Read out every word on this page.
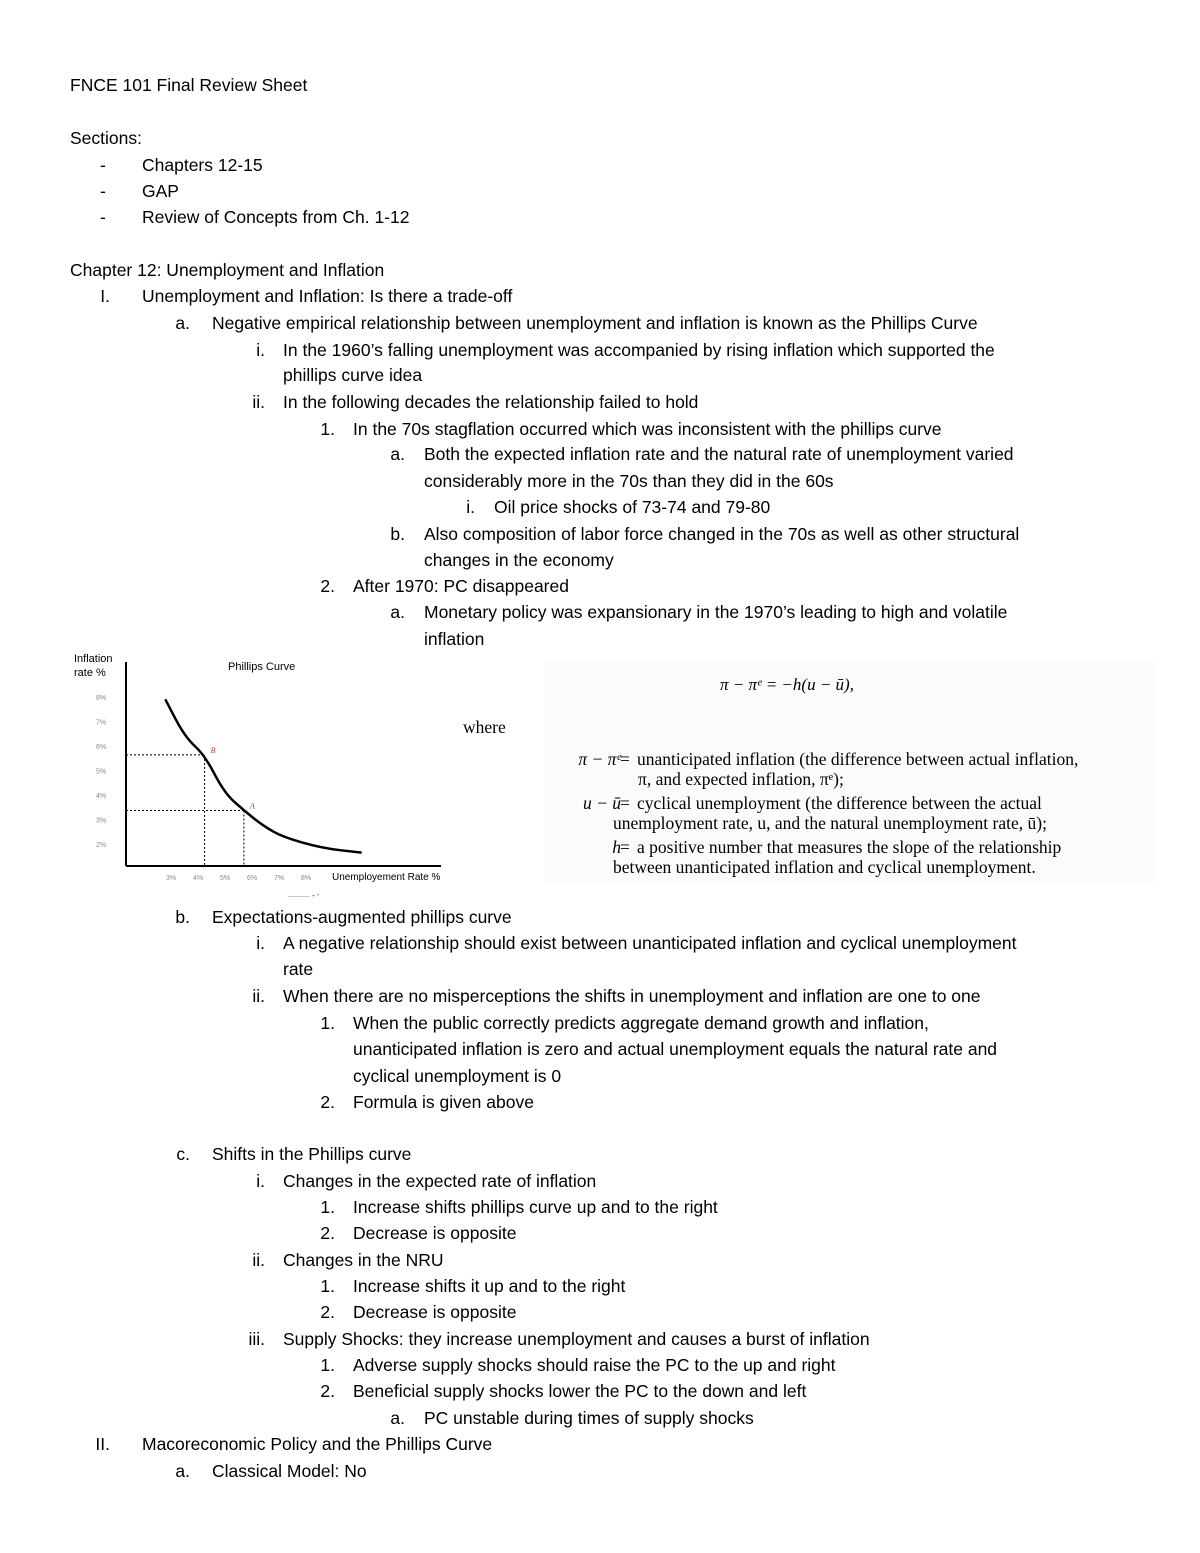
FNCE 101 Final Review Sheet
Sections:
-	Chapters 12-15
-	GAP
-	Review of Concepts from Ch. 1-12
Chapter 12: Unemployment and Inflation
I. Unemployment and Inflation: Is there a trade-off
a. Negative empirical relationship between unemployment and inflation is known as the Phillips Curve
i. In the 1960’s falling unemployment was accompanied by rising inflation which supported the
phillips curve idea
ii. In the following decades the relationship failed to hold
1. In the 70s stagflation occurred which was inconsistent with the phillips curve
a. Both the expected inflation rate and the natural rate of unemployment varied
considerably more in the 70s than they did in the 60s
i. Oil price shocks of 73-74 and 79-80
b. Also composition of labor force changed in the 70s as well as other structural
changes in the economy
2. After 1970: PC disappeared
a. Monetary policy was expansionary in the 1970’s leading to high and volatile
inflation
Inflation
rate %	Phillips Curve
8%
7%
6%
5%
4%
3%
2%
3% 4% 5% 6% 7% 8%
B
A
Unemployement Rate %
----------- + *
π − πᵉ = −h(u − ū),
where
π − πᵉ = unanticipated inflation (the difference between actual inflation,
π, and expected inflation, πᵉ);
u − ū = cyclical unemployment (the difference between the actual
unemployment rate, u, and the natural unemployment rate, ū);
h = a positive number that measures the slope of the relationship
between unanticipated inflation and cyclical unemployment.
b. Expectations-augmented phillips curve
i. A negative relationship should exist between unanticipated inflation and cyclical unemployment
rate
ii. When there are no misperceptions the shifts in unemployment and inflation are one to one
1. When the public correctly predicts aggregate demand growth and inflation,
unanticipated inflation is zero and actual unemployment equals the natural rate and
cyclical unemployment is 0
2. Formula is given above
c. Shifts in the Phillips curve
i. Changes in the expected rate of inflation
1. Increase shifts phillips curve up and to the right
2. Decrease is opposite
ii. Changes in the NRU
1. Increase shifts it up and to the right
2. Decrease is opposite
iii. Supply Shocks: they increase unemployment and causes a burst of inflation
1. Adverse supply shocks should raise the PC to the up and right
2. Beneficial supply shocks lower the PC to the down and left
a. PC unstable during times of supply shocks
II. Macoreconomic Policy and the Phillips Curve
a. Classical Model: No
